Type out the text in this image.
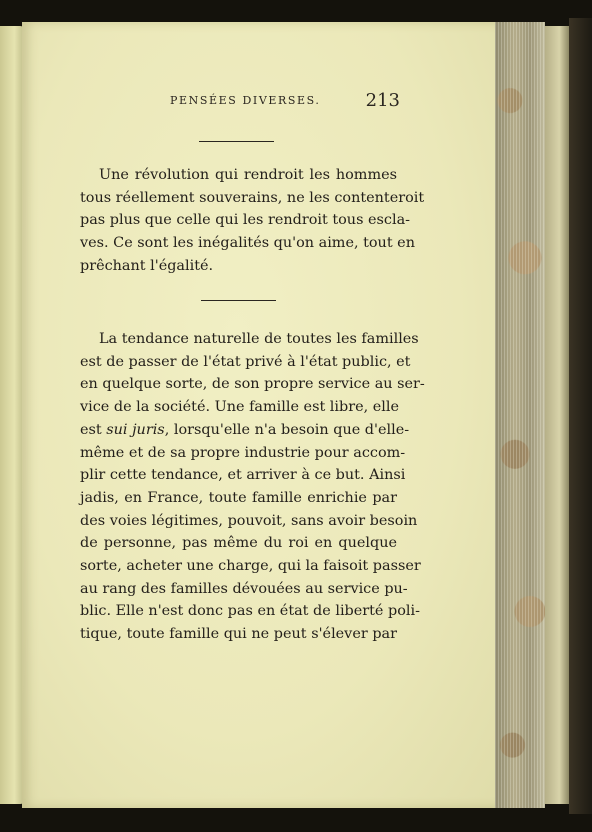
PENSÉES DIVERSES.	213
Une révolution qui rendroit les hommes
tous réellement souverains, ne les contenteroit
pas plus que celle qui les rendroit tous escla-
ves. Ce sont les inégalités qu'on aime, tout en
prêchant l'égalité.
La tendance naturelle de toutes les familles
est de passer de l'état privé à l'état public, et
en quelque sorte, de son propre service au ser-
vice de la société. Une famille est libre, elle
est sui juris, lorsqu'elle n'a besoin que d'elle-
même et de sa propre industrie pour accom-
plir cette tendance, et arriver à ce but. Ainsi
jadis, en France, toute famille enrichie par
des voies légitimes, pouvoit, sans avoir besoin
de personne, pas même du roi en quelque
sorte, acheter une charge, qui la faisoit passer
au rang des familles dévouées au service pu-
blic. Elle n'est donc pas en état de liberté poli-
tique, toute famille qui ne peut s'élever par
